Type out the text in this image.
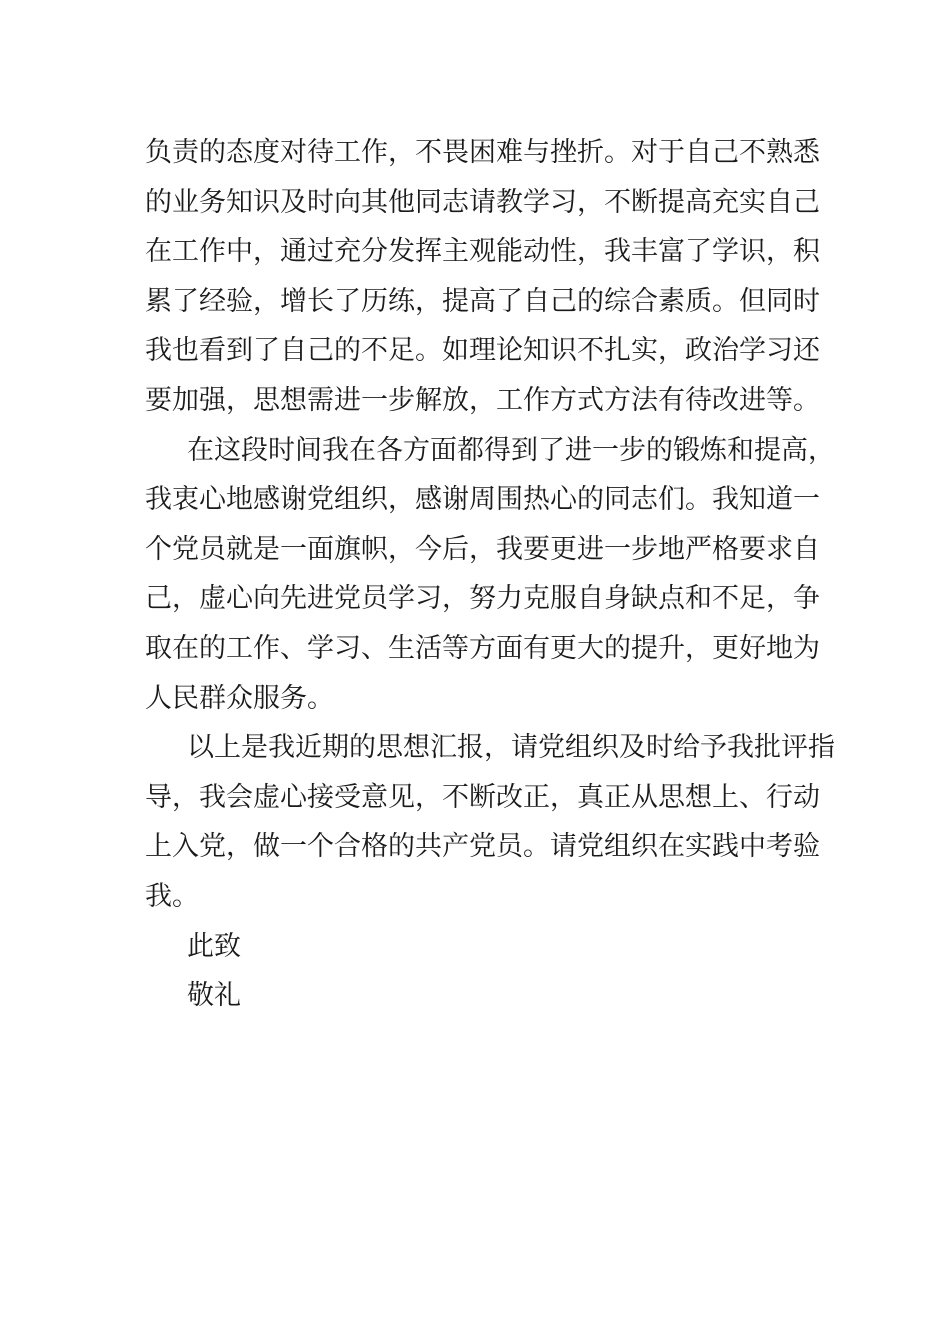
负责的态度对待工作，不畏困难与挫折。对于自己不熟悉
的业务知识及时向其他同志请教学习，不断提高充实自己
在工作中，通过充分发挥主观能动性，我丰富了学识，积
累了经验，增长了历练，提高了自己的综合素质。但同时
我也看到了自己的不足。如理论知识不扎实，政治学习还
要加强，思想需进一步解放，工作方式方法有待改进等。
在这段时间我在各方面都得到了进一步的锻炼和提高，
我衷心地感谢党组织，感谢周围热心的同志们。我知道一
个党员就是一面旗帜，今后，我要更进一步地严格要求自
己，虚心向先进党员学习，努力克服自身缺点和不足，争
取在的工作、学习、生活等方面有更大的提升，更好地为
人民群众服务。
以上是我近期的思想汇报，请党组织及时给予我批评指
导，我会虚心接受意见，不断改正，真正从思想上、行动
上入党，做一个合格的共产党员。请党组织在实践中考验
我。
此致
敬礼
